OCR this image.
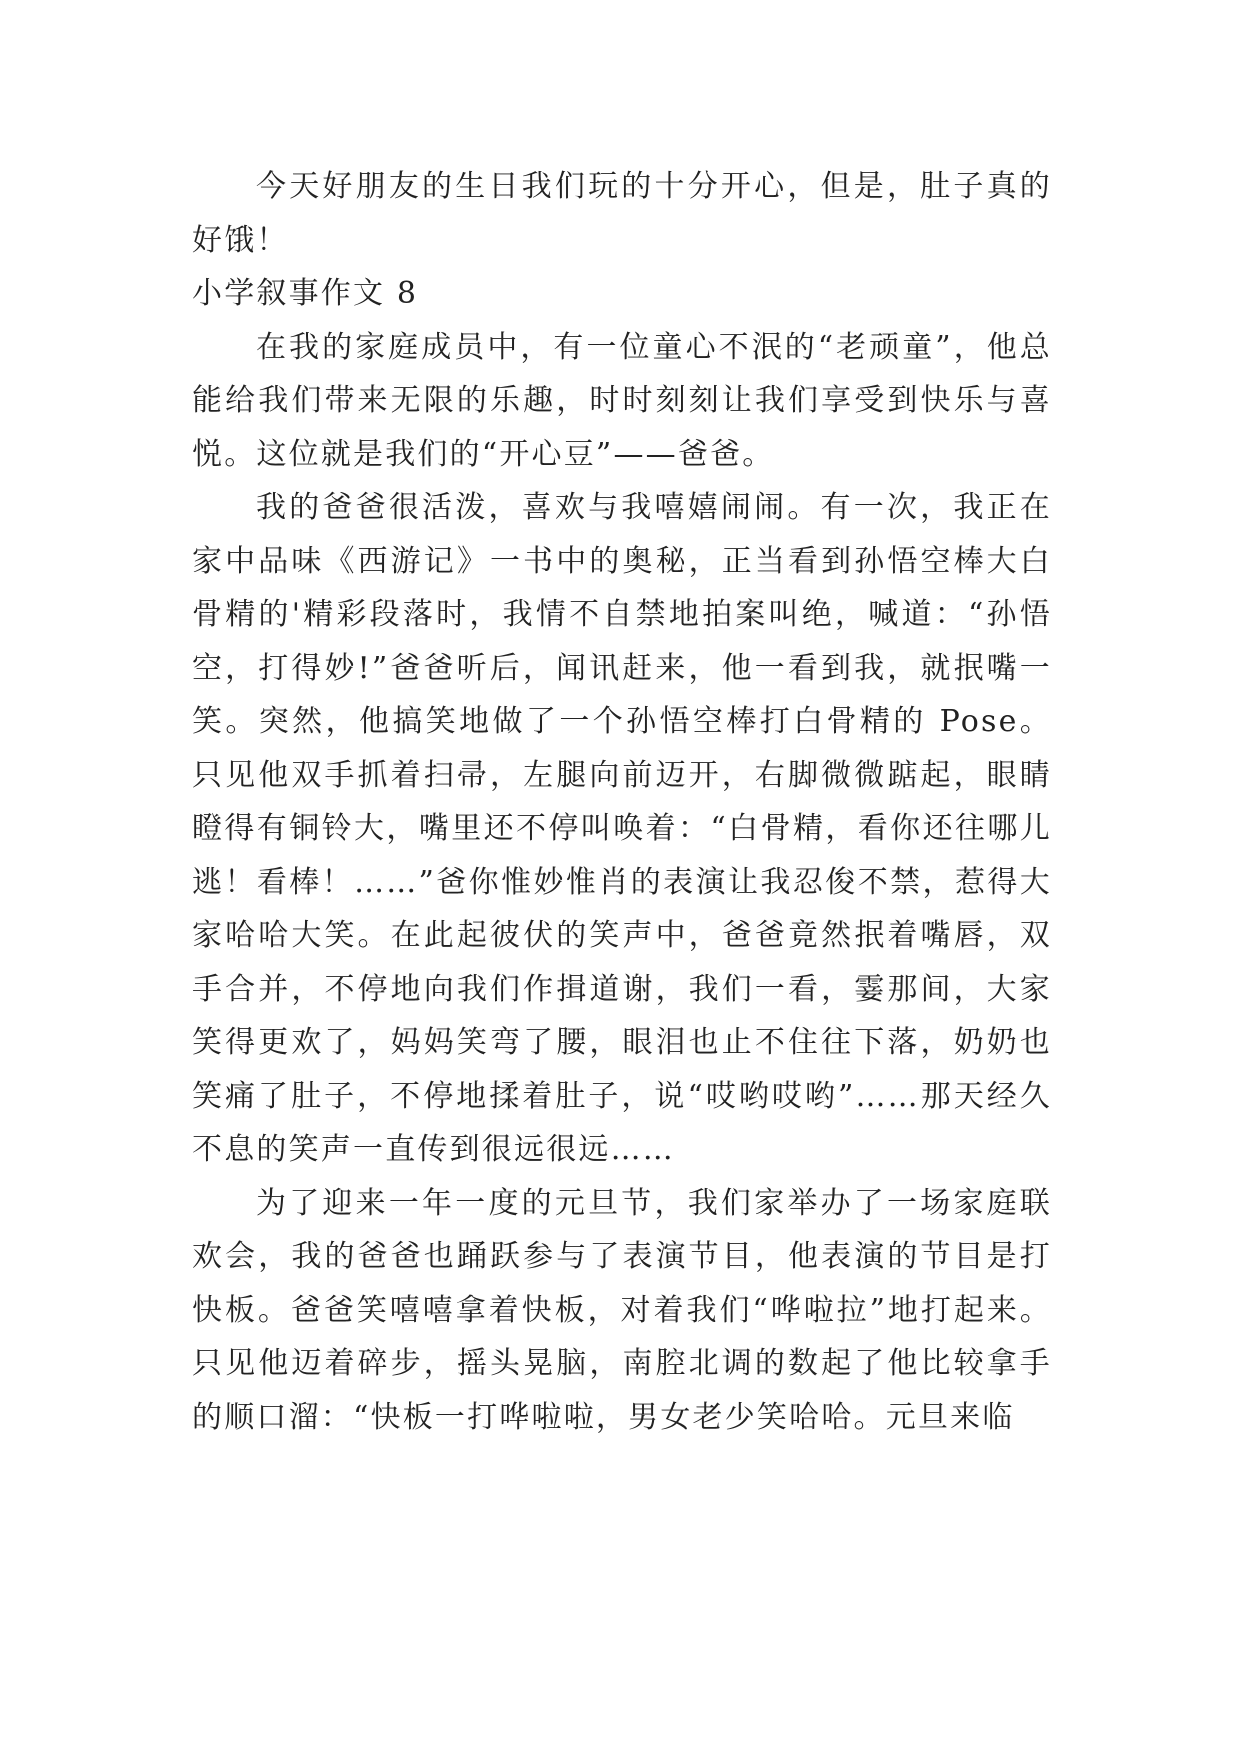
今天好朋友的生日我们玩的十分开心，但是，肚子真的好饿！

小学叙事作文 8

在我的家庭成员中，有一位童心不泯的“老顽童”，他总能给我们带来无限的乐趣，时时刻刻让我们享受到快乐与喜悦。这位就是我们的“开心豆”——爸爸。

我的爸爸很活泼，喜欢与我嘻嬉闹闹。有一次，我正在家中品味《西游记》一书中的奥秘，正当看到孙悟空棒大白骨精的'精彩段落时，我情不自禁地拍案叫绝，喊道：“孙悟空，打得妙!”爸爸听后，闻讯赶来，他一看到我，就抿嘴一笑。突然，他搞笑地做了一个孙悟空棒打白骨精的 Pose。只见他双手抓着扫帚，左腿向前迈开，右脚微微踮起，眼睛瞪得有铜铃大，嘴里还不停叫唤着：“白骨精，看你还往哪儿逃！看棒！……”爸你惟妙惟肖的表演让我忍俊不禁，惹得大家哈哈大笑。在此起彼伏的笑声中，爸爸竟然抿着嘴唇，双手合并，不停地向我们作揖道谢，我们一看，霎那间，大家笑得更欢了，妈妈笑弯了腰，眼泪也止不住往下落，奶奶也笑痛了肚子，不停地揉着肚子，说“哎哟哎哟”……那天经久不息的笑声一直传到很远很远……

为了迎来一年一度的元旦节，我们家举办了一场家庭联欢会，我的爸爸也踊跃参与了表演节目，他表演的节目是打快板。爸爸笑嘻嘻拿着快板，对着我们“哗啦拉”地打起来。只见他迈着碎步，摇头晃脑，南腔北调的数起了他比较拿手的顺口溜：“快板一打哗啦啦，男女老少笑哈哈。元旦来临
